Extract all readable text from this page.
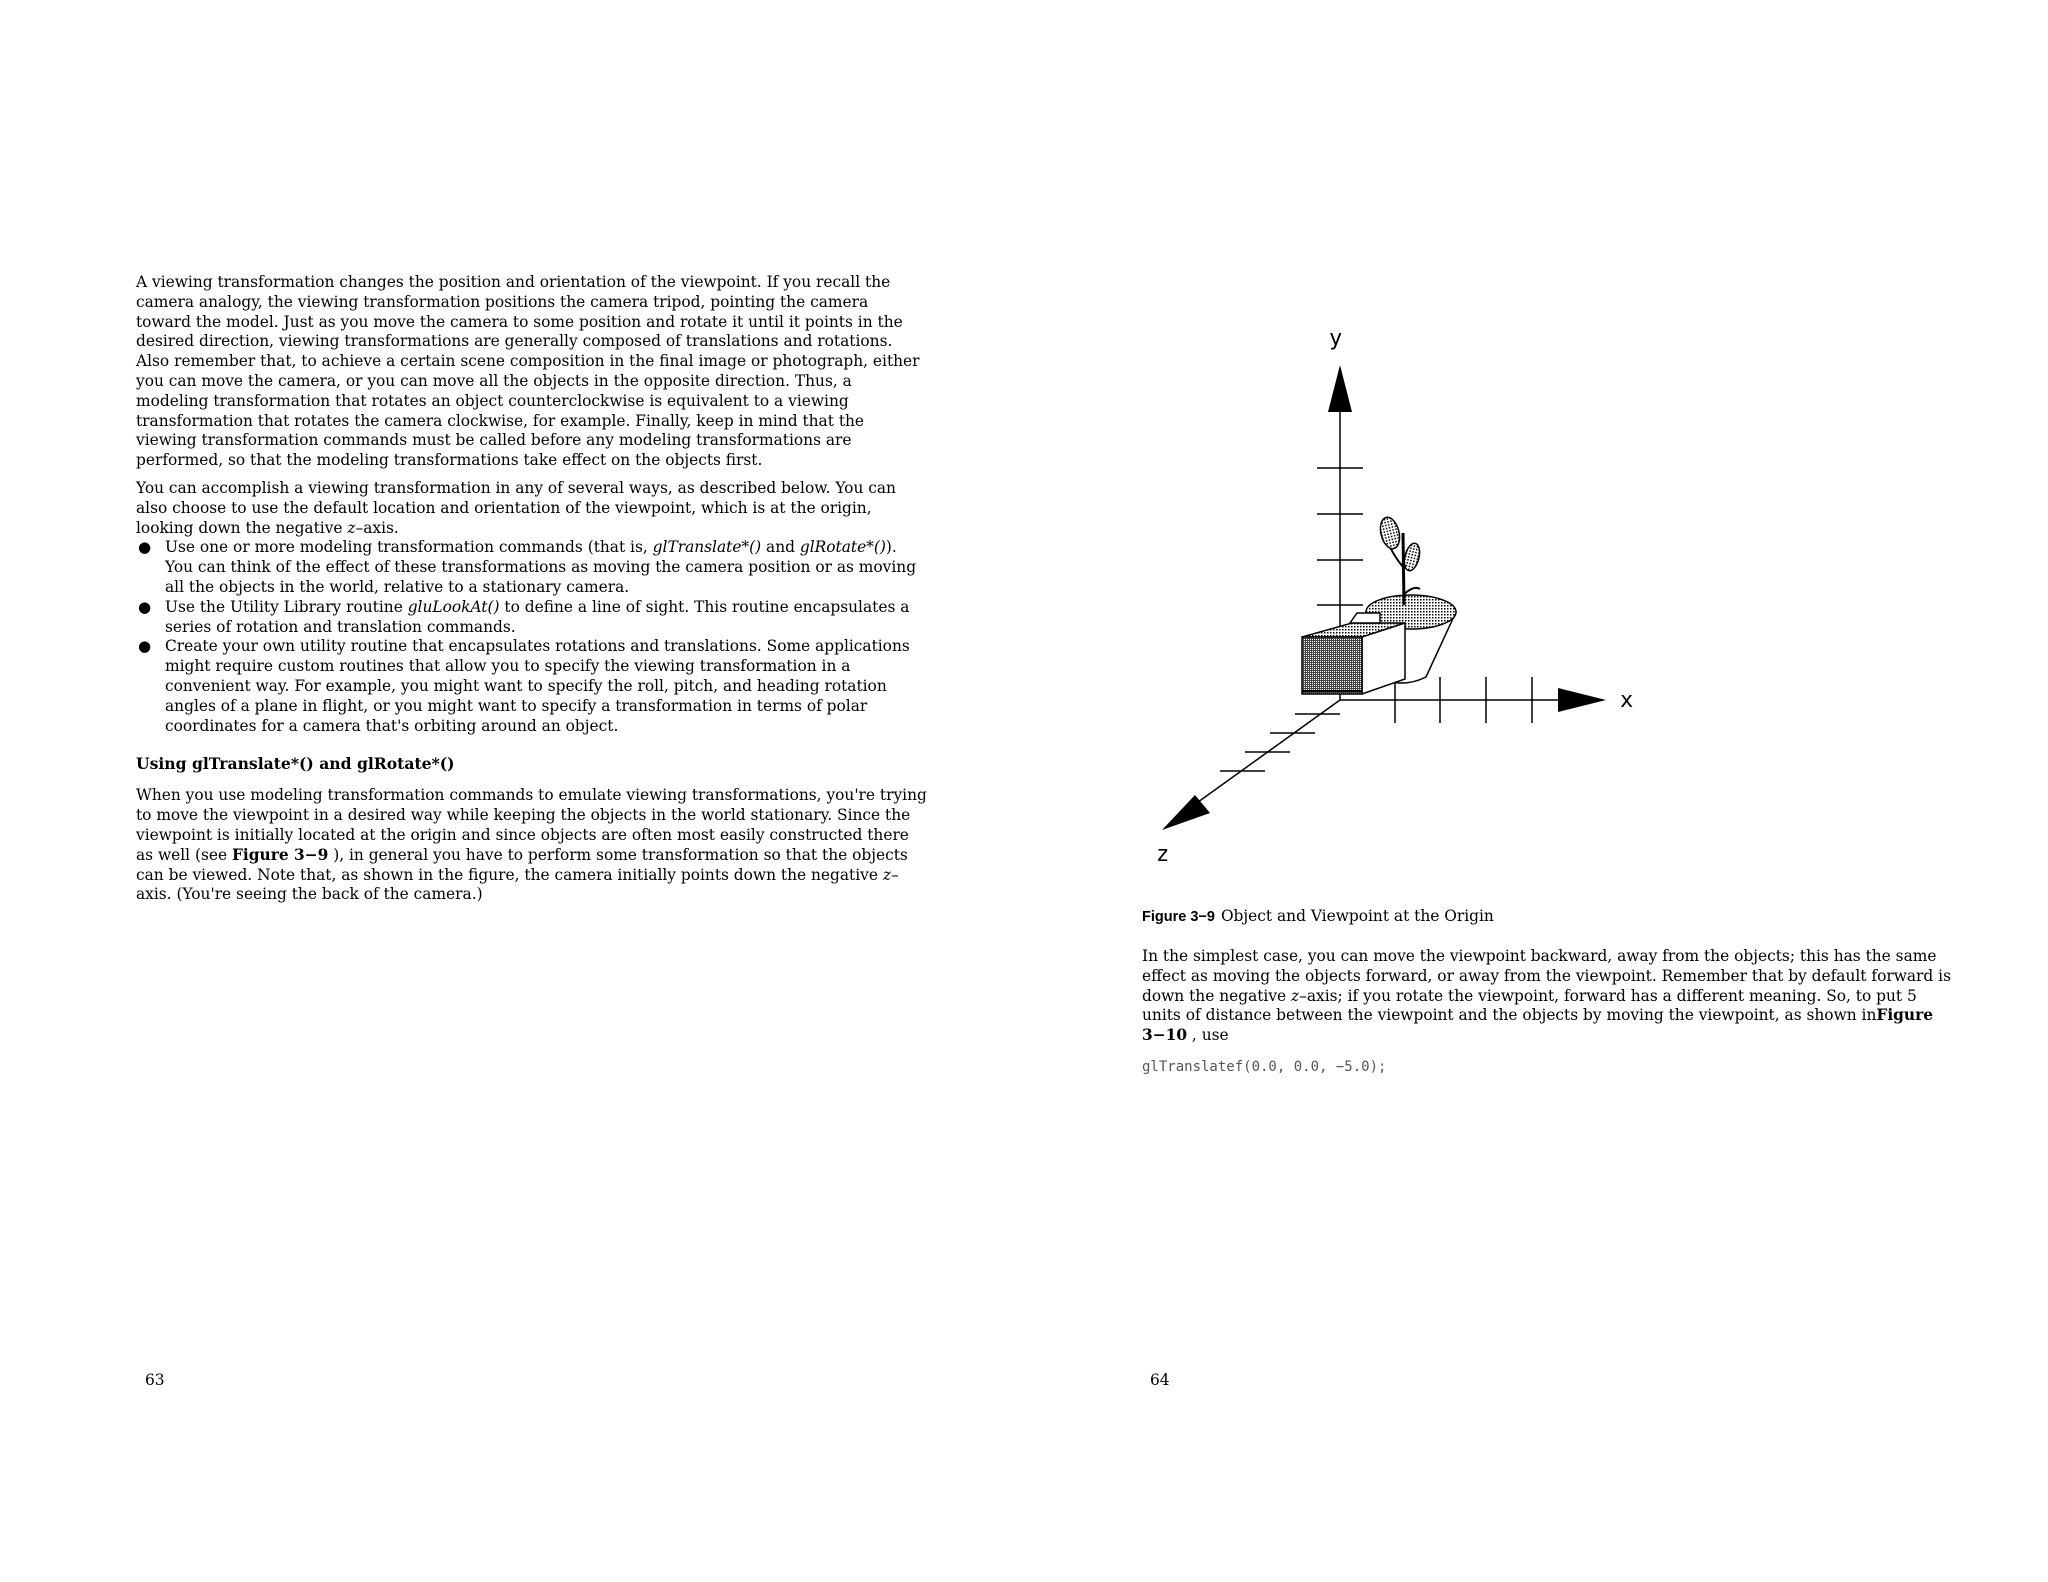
A viewing transformation changes the position and orientation of the viewpoint. If you recall the camera analogy, the viewing transformation positions the camera tripod, pointing the camera toward the model. Just as you move the camera to some position and rotate it until it points in the desired direction, viewing transformations are generally composed of translations and rotations. Also remember that, to achieve a certain scene composition in the final image or photograph, either you can move the camera, or you can move all the objects in the opposite direction. Thus, a modeling transformation that rotates an object counterclockwise is equivalent to a viewing transformation that rotates the camera clockwise, for example. Finally, keep in mind that the viewing transformation commands must be called before any modeling transformations are performed, so that the modeling transformations take effect on the objects first.

You can accomplish a viewing transformation in any of several ways, as described below. You can also choose to use the default location and orientation of the viewpoint, which is at the origin, looking down the negative z–axis.

● Use one or more modeling transformation commands (that is, glTranslate*() and glRotate*()). You can think of the effect of these transformations as moving the camera position or as moving all the objects in the world, relative to a stationary camera.
● Use the Utility Library routine gluLookAt() to define a line of sight. This routine encapsulates a series of rotation and translation commands.
● Create your own utility routine that encapsulates rotations and translations. Some applications might require custom routines that allow you to specify the viewing transformation in a convenient way. For example, you might want to specify the roll, pitch, and heading rotation angles of a plane in flight, or you might want to specify a transformation in terms of polar coordinates for a camera that's orbiting around an object.
Using glTranslate*() and glRotate*()

When you use modeling transformation commands to emulate viewing transformations, you're trying to move the viewpoint in a desired way while keeping the objects in the world stationary. Since the viewpoint is initially located at the origin and since objects are often most easily constructed there as well (see Figure 3−9 ), in general you have to perform some transformation so that the objects can be viewed. Note that, as shown in the figure, the camera initially points down the negative z–axis. (You're seeing the back of the camera.)

63
y
x
z
Figure 3−9 Object and Viewpoint at the Origin

In the simplest case, you can move the viewpoint backward, away from the objects; this has the same effect as moving the objects forward, or away from the viewpoint. Remember that by default forward is down the negative z–axis; if you rotate the viewpoint, forward has a different meaning. So, to put 5 units of distance between the viewpoint and the objects by moving the viewpoint, as shown inFigure 3−10 , use

glTranslatef(0.0, 0.0, −5.0);
64
